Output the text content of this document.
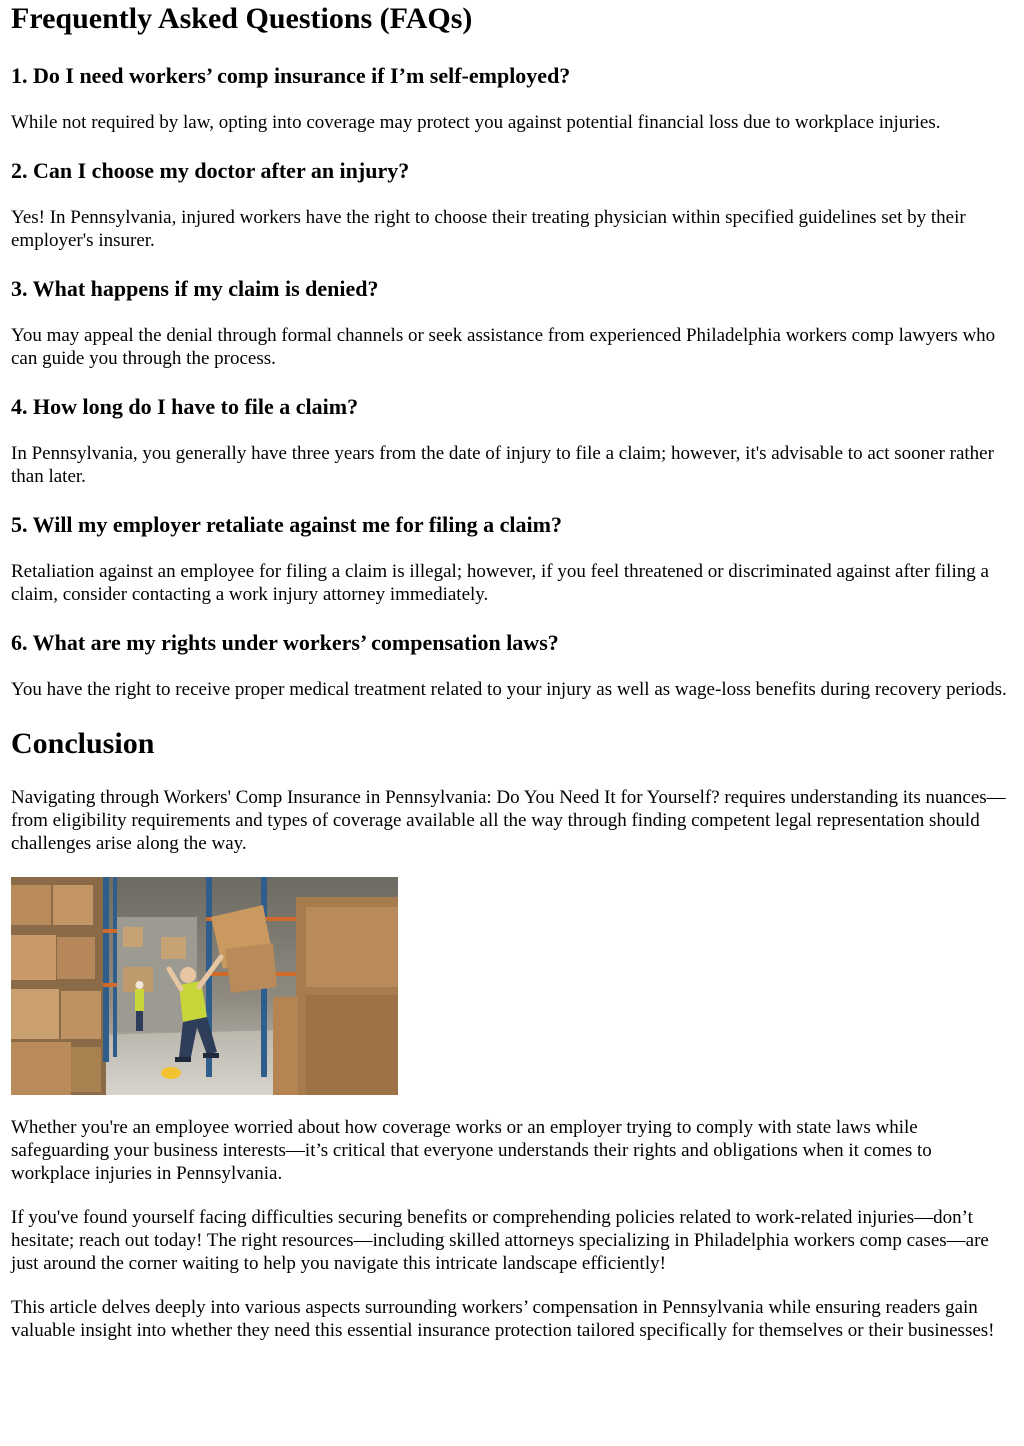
Frequently Asked Questions (FAQs)
1. Do I need workers’ comp insurance if I’m self-employed?

While not required by law, opting into coverage may protect you against potential financial loss due to workplace injuries.

2. Can I choose my doctor after an injury?

Yes! In Pennsylvania, injured workers have the right to choose their treating physician within specified guidelines set by their employer's insurer.

3. What happens if my claim is denied?

You may appeal the denial through formal channels or seek assistance from experienced Philadelphia workers comp lawyers who can guide you through the process.

4. How long do I have to file a claim?

In Pennsylvania, you generally have three years from the date of injury to file a claim; however, it's advisable to act sooner rather than later.

5. Will my employer retaliate against me for filing a claim?

Retaliation against an employee for filing a claim is illegal; however, if you feel threatened or discriminated against after filing a claim, consider contacting a work injury attorney immediately.

6. What are my rights under workers’ compensation laws?

You have the right to receive proper medical treatment related to your injury as well as wage-loss benefits during recovery periods.

Conclusion

Navigating through Workers' Comp Insurance in Pennsylvania: Do You Need It for Yourself? requires understanding its nuances—from eligibility requirements and types of coverage available all the way through finding competent legal representation should challenges arise along the way.

Whether you're an employee worried about how coverage works or an employer trying to comply with state laws while safeguarding your business interests—it’s critical that everyone understands their rights and obligations when it comes to workplace injuries in Pennsylvania.

If you've found yourself facing difficulties securing benefits or comprehending policies related to work-related injuries—don’t hesitate; reach out today! The right resources—including skilled attorneys specializing in Philadelphia workers comp cases—are just around the corner waiting to help you navigate this intricate landscape efficiently!

This article delves deeply into various aspects surrounding workers’ compensation in Pennsylvania while ensuring readers gain valuable insight into whether they need this essential insurance protection tailored specifically for themselves or their businesses!
